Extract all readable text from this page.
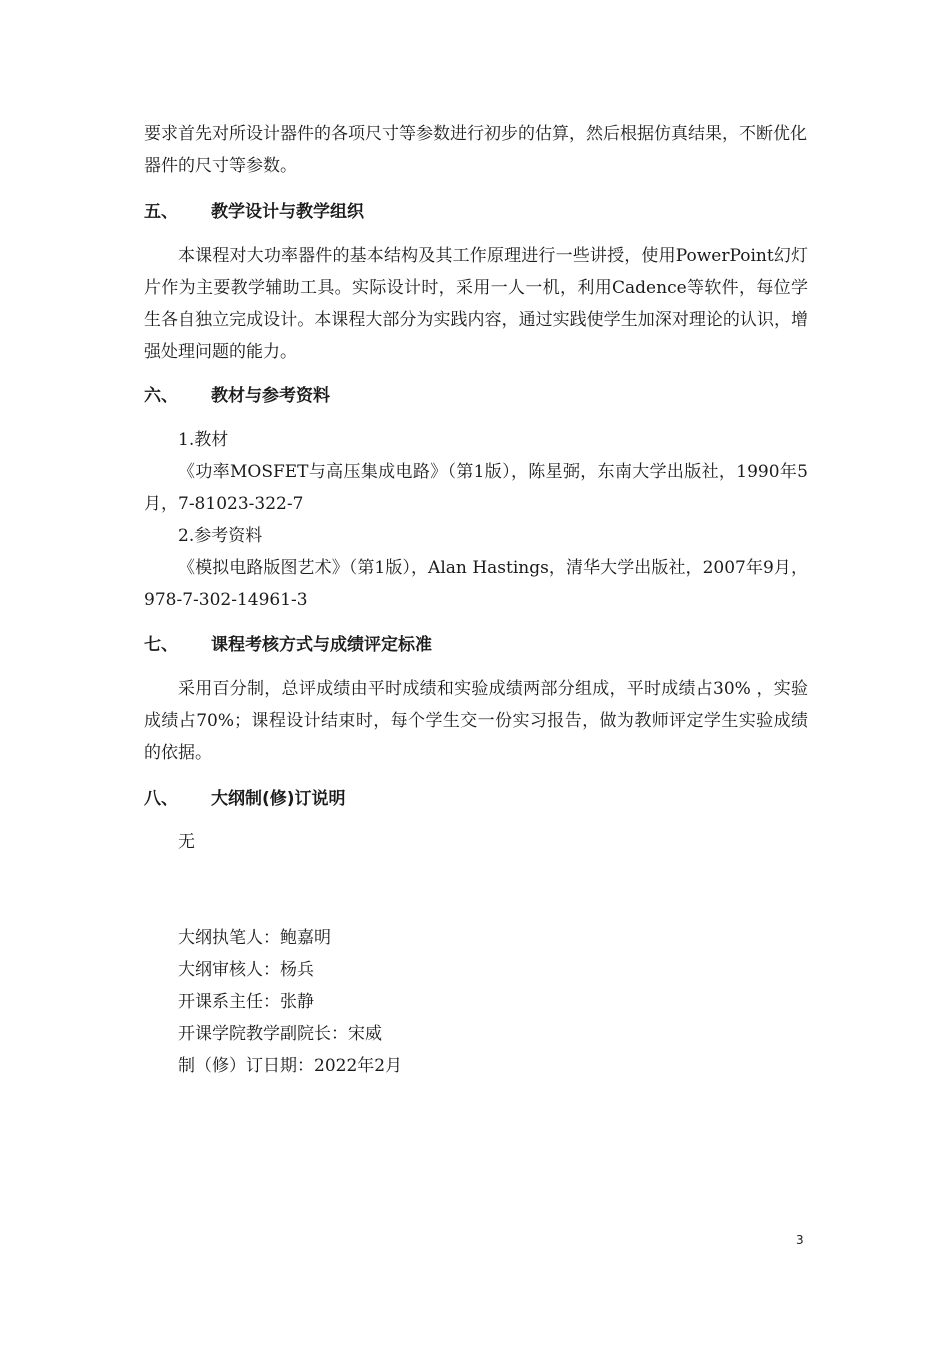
要求首先对所设计器件的各项尺寸等参数进行初步的估算，然后根据仿真结果，不断优化器件的尺寸等参数。

五、 教学设计与教学组织

本课程对大功率器件的基本结构及其工作原理进行一些讲授，使用PowerPoint幻灯片作为主要教学辅助工具。实际设计时，采用一人一机，利用Cadence等软件，每位学生各自独立完成设计。本课程大部分为实践内容，通过实践使学生加深对理论的认识，增强处理问题的能力。

六、 教材与参考资料
1.教材
《功率MOSFET与高压集成电路》（第1版），陈星弼，东南大学出版社，1990年5月，7-81023-322-7
2.参考资料
《模拟电路版图艺术》（第1版），Alan Hastings，清华大学出版社，2007年9月，978-7-302-14961-3
七、 课程考核方式与成绩评定标准

采用百分制，总评成绩由平时成绩和实验成绩两部分组成，平时成绩占30% ，实验成绩占70%；课程设计结束时，每个学生交一份实习报告，做为教师评定学生实验成绩的依据。

八、 大纲制(修)订说明

无

大纲执笔人：鲍嘉明
大纲审核人：杨兵
开课系主任：张静
开课学院教学副院长：宋威
制（修）订日期：2022年2月
3
